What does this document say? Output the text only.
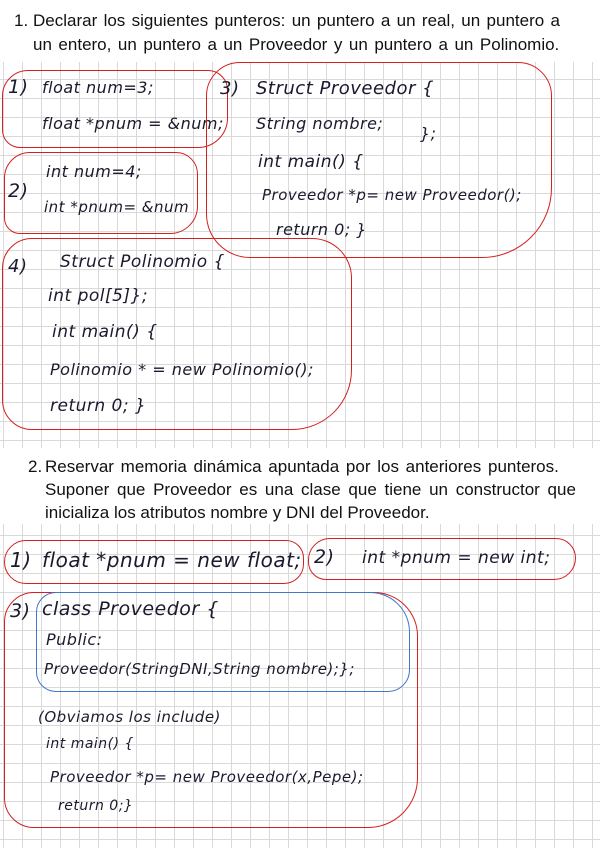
1. Declarar los siguientes punteros: un puntero a un real, un puntero a
un entero, un puntero a un Proveedor y un puntero a un Polinomio.
1) float num=3;
float *pnum = &num;
2)
int num=4;
int *pnum= &num
3) Struct Proveedor {
String nombre;
};
int main() {
Proveedor *p= new Proveedor();
return 0; }
4) Struct Polinomio {
int pol[5]};
int main() {
Polinomio * = new Polinomio();
return 0; }
2. Reservar memoria dinámica apuntada por los anteriores punteros.
Suponer que Proveedor es una clase que tiene un constructor que
inicializa los atributos nombre y DNI del Proveedor.
1) float *pnum = new float; 2) int *pnum = new int;
3) class Proveedor {
Public:
Proveedor(StringDNI,String nombre);};
(Obviamos los include)
int main() {
Proveedor *p= new Proveedor(x,Pepe);
return 0;}
